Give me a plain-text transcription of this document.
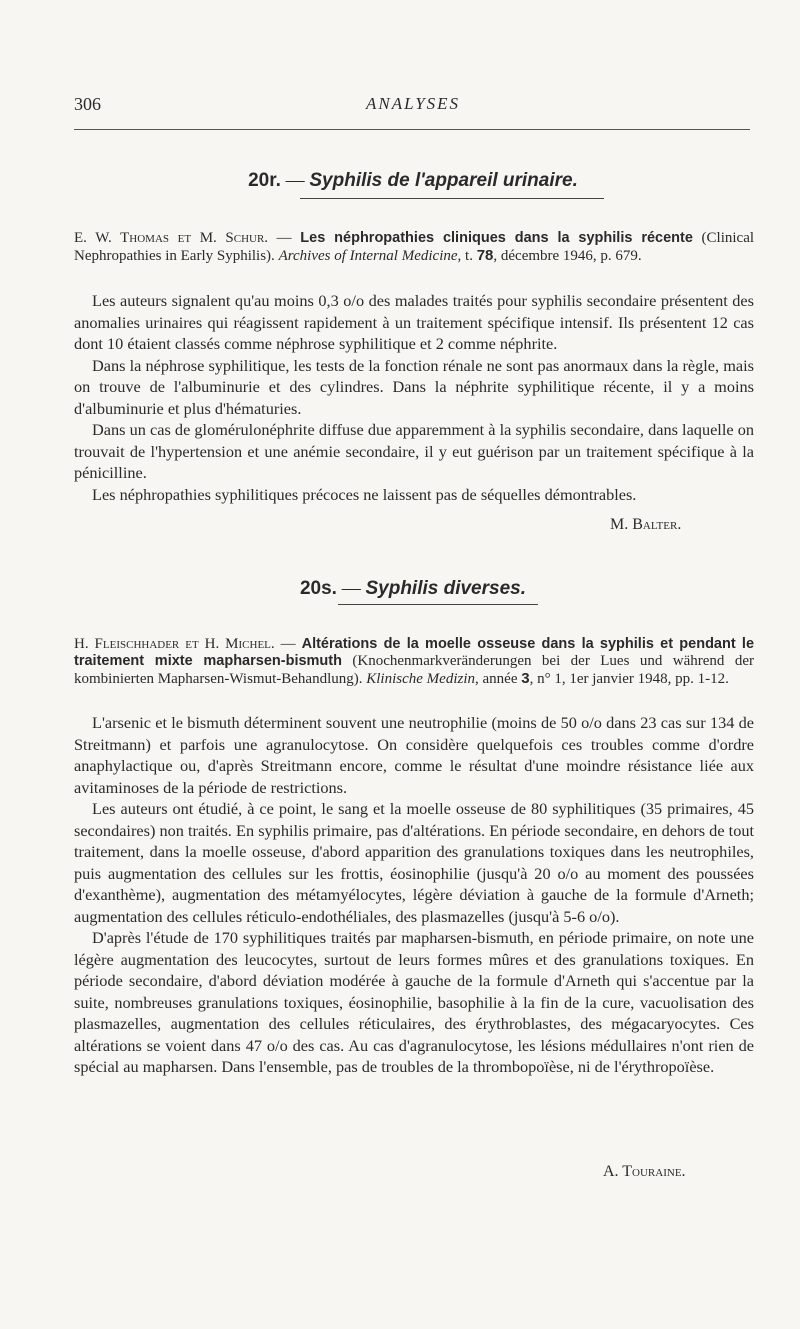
306	ANALYSES
20r. — Syphilis de l'appareil urinaire.
E. W. Thomas et M. Schur. — Les néphropathies cliniques dans la syphilis récente (Clinical Nephropathies in Early Syphilis). Archives of Internal Medicine, t. 78, décembre 1946, p. 679.

Les auteurs signalent qu'au moins 0,3 o/o des malades traités pour syphilis secondaire présentent des anomalies urinaires qui réagissent rapidement à un traitement spécifique intensif. Ils présentent 12 cas dont 10 étaient classés comme néphrose syphilitique et 2 comme néphrite.

Dans la néphrose syphilitique, les tests de la fonction rénale ne sont pas anormaux dans la règle, mais on trouve de l'albuminurie et des cylindres. Dans la néphrite syphilitique récente, il y a moins d'albuminurie et plus d'hématuries.

Dans un cas de glomérulonéphrite diffuse due apparemment à la syphilis secondaire, dans laquelle on trouvait de l'hypertension et une anémie secondaire, il y eut guérison par un traitement spécifique à la pénicilline.

Les néphropathies syphilitiques précoces ne laissent pas de séquelles démontrables.

M. Balter.
20s. — Syphilis diverses.
H. Fleischhader et H. Michel. — Altérations de la moelle osseuse dans la syphilis et pendant le traitement mixte mapharsen-bismuth (Knochenmarkveränderungen bei der Lues und während der kombinierten Mapharsen-Wismut-Behandlung). Klinische Medizin, année 3, n° 1, 1er janvier 1948, pp. 1-12.

L'arsenic et le bismuth déterminent souvent une neutrophilie (moins de 50 o/o dans 23 cas sur 134 de Streitmann) et parfois une agranulocytose. On considère quelquefois ces troubles comme d'ordre anaphylactique ou, d'après Streitmann encore, comme le résultat d'une moindre résistance liée aux avitaminoses de la période de restrictions.

Les auteurs ont étudié, à ce point, le sang et la moelle osseuse de 80 syphilitiques (35 primaires, 45 secondaires) non traités. En syphilis primaire, pas d'altérations. En période secondaire, en dehors de tout traitement, dans la moelle osseuse, d'abord apparition des granulations toxiques dans les neutrophiles, puis augmentation des cellules sur les frottis, éosinophilie (jusqu'à 20 o/o au moment des poussées d'exanthème), augmentation des métamyélocytes, légère déviation à gauche de la formule d'Arneth; augmentation des cellules réticulo-endothéliales, des plasmazelles (jusqu'à 5-6 o/o).

D'après l'étude de 170 syphilitiques traités par mapharsen-bismuth, en période primaire, on note une légère augmentation des leucocytes, surtout de leurs formes mûres et des granulations toxiques. En période secondaire, d'abord déviation modérée à gauche de la formule d'Arneth qui s'accentue par la suite, nombreuses granulations toxiques, éosinophilie, basophilie à la fin de la cure, vacuolisation des plasmazelles, augmentation des cellules réticulaires, des érythroblastes, des mégacaryocytes. Ces altérations se voient dans 47 o/o des cas. Au cas d'agranulocytose, les lésions médullaires n'ont rien de spécial au mapharsen. Dans l'ensemble, pas de troubles de la thrombopoïèse, ni de l'érythropoïèse.

A. Touraine.
